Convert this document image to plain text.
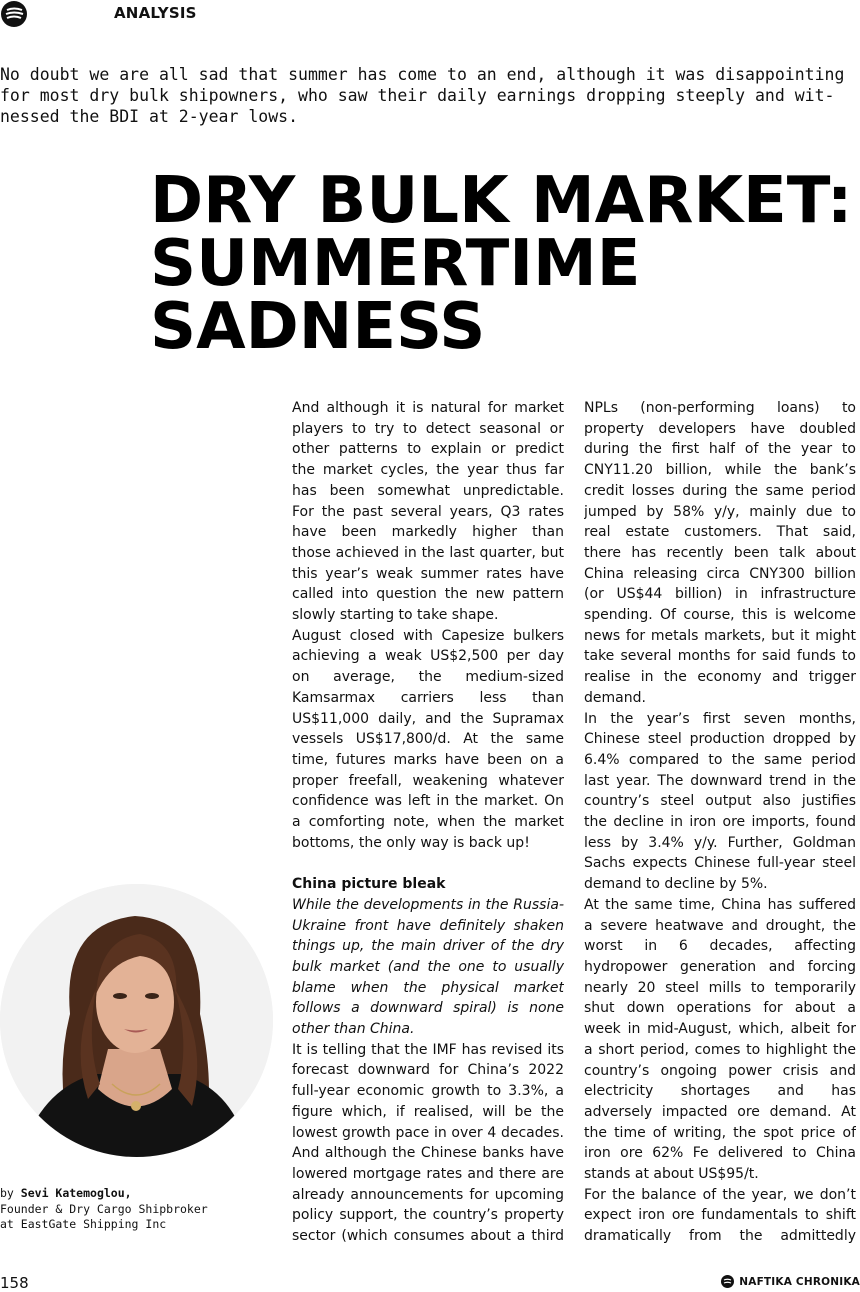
ANALYSIS

No doubt we are all sad that summer has come to an end, although it was disappointing for most dry bulk shipowners, who saw their daily earnings dropping steeply and wit- nessed the BDI at 2-year lows.

DRY BULK MARKET:
SUMMERTIME
SADNESS

And although it is natural for market players to try to detect seasonal or other patterns to explain or predict the market cycles, the year thus far has been somewhat unpredictable. For the past several years, Q3 rates have been markedly higher than those achieved in the last quarter, but this year’s weak summer rates have called into question the new pattern slowly starting to take shape.

August closed with Capesize bulkers achieving a weak US$2,500 per day on average, the medium-sized Kamsarmax carriers less than US$11,000 daily, and the Supramax vessels US$17,800/d. At the same time, futures marks have been on a proper freefall, weakening whatever confidence was left in the market. On a comforting note, when the market bottoms, the only way is back up!

China picture bleak

While the developments in the Russia-Ukraine front have definitely shaken things up, the main driver of the dry bulk market (and the one to usually blame when the physical market follows a downward spiral) is none other than China.

It is telling that the IMF has revised its forecast downward for China’s 2022 full-year economic growth to 3.3%, a figure which, if realised, will be the lowest growth pace in over 4 decades. And although the Chinese banks have lowered mortgage rates and there are already announcements for upcoming policy support, the country’s property sector (which consumes about a third

NPLs (non-performing loans) to property developers have doubled during the first half of the year to CNY11.20 billion, while the bank’s credit losses during the same period jumped by 58% y/y, mainly due to real estate customers. That said, there has recently been talk about China releasing circa CNY300 billion (or US$44 billion) in infrastructure spending. Of course, this is welcome news for metals markets, but it might take several months for said funds to realise in the economy and trigger demand.

In the year’s first seven months, Chinese steel production dropped by 6.4% compared to the same period last year. The downward trend in the country’s steel output also justifies the decline in iron ore imports, found less by 3.4% y/y. Further, Goldman Sachs expects Chinese full-year steel demand to decline by 5%.

At the same time, China has suffered a severe heatwave and drought, the worst in 6 decades, affecting hydropower generation and forcing nearly 20 steel mills to temporarily shut down operations for about a week in mid-August, which, albeit for a short period, comes to highlight the country’s ongoing power crisis and electricity shortages and has adversely impacted ore demand. At the time of writing, the spot price of iron ore 62% Fe delivered to China stands at about US$95/t.

For the balance of the year, we don’t expect iron ore fundamentals to shift dramatically from the admittedly

by Sevi Katemoglou,
Founder & Dry Cargo Shipbroker
at EastGate Shipping Inc
158	NAFTIKA CHRONIKA
